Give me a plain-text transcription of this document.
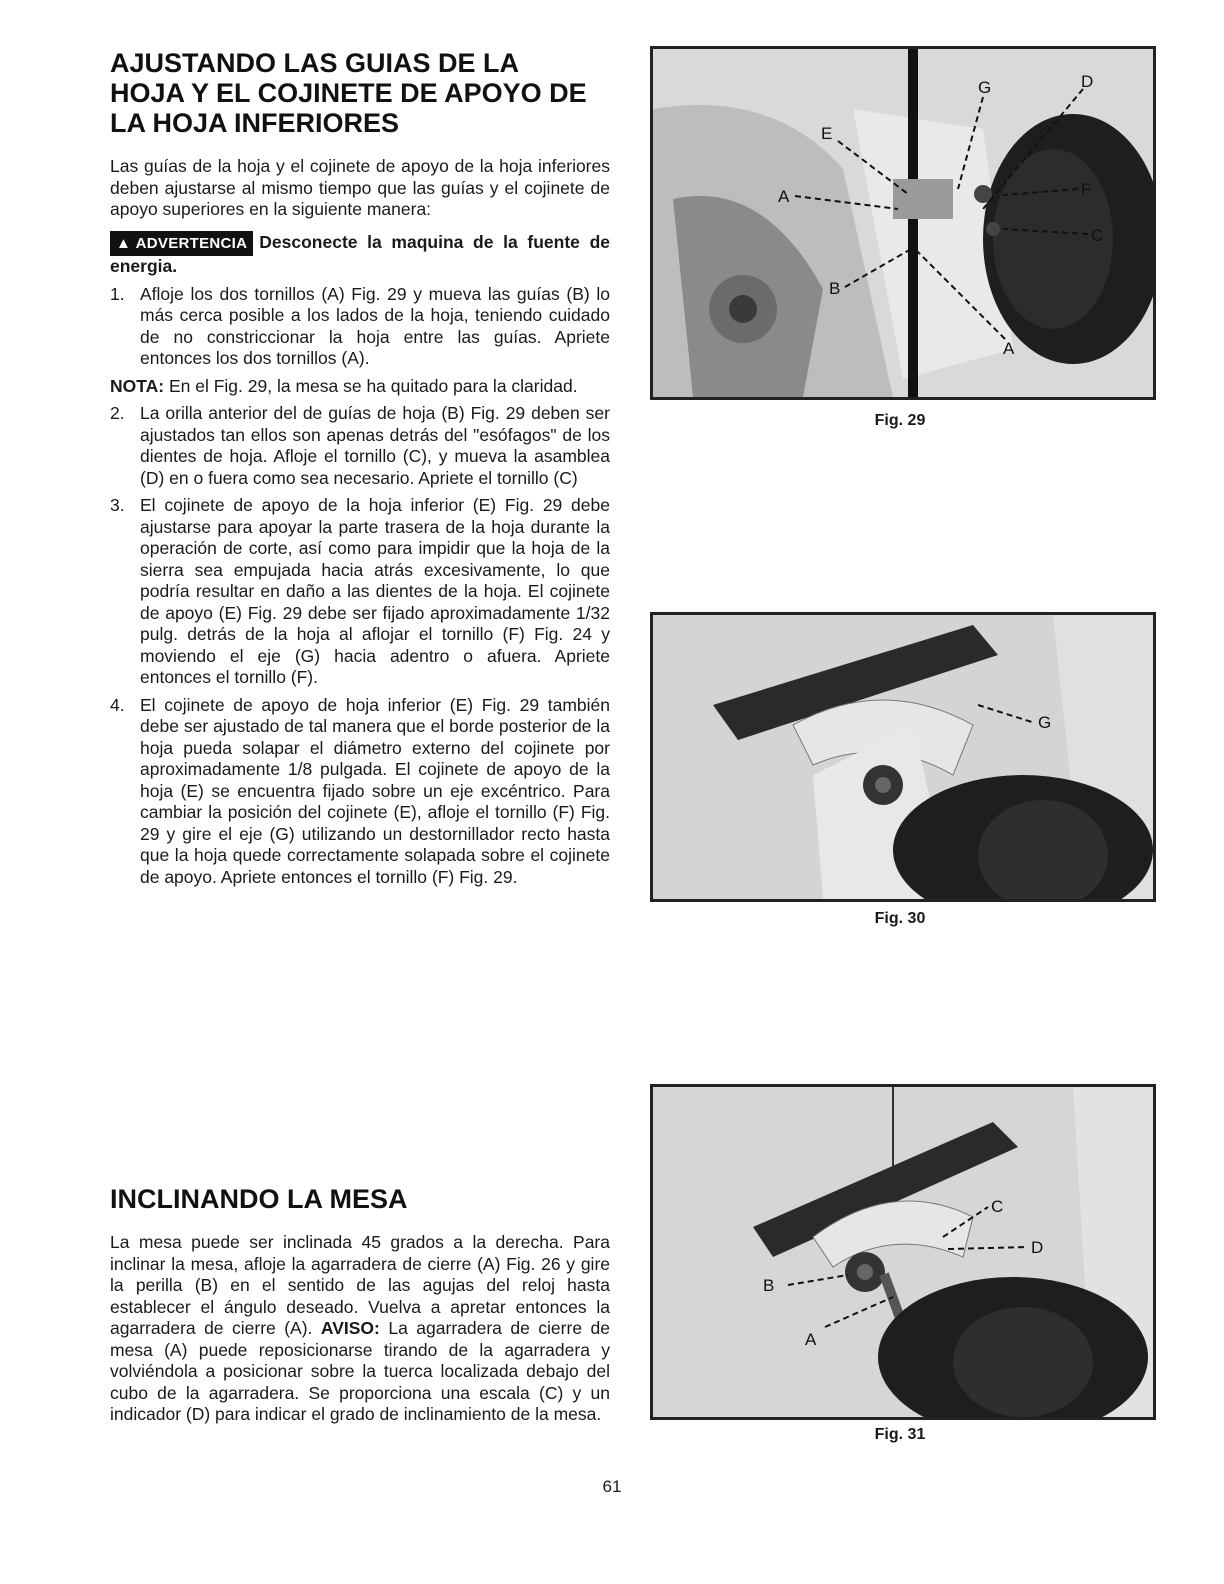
AJUSTANDO LAS GUIAS DE LA
HOJA Y EL COJINETE DE APOYO DE
LA HOJA INFERIORES

Las guías de la hoja y el cojinete de apoyo de la hoja inferiores deben ajustarse al mismo tiempo que las guías y el cojinete de apoyo superiores en la siguiente manera:

▲ ADVERTENCIA Desconecte la maquina de la fuente de energia.

1. Afloje los dos tornillos (A) Fig. 29 y mueva las guías (B) lo más cerca posible a los lados de la hoja, teniendo cuidado de no constriccionar la hoja entre las guías. Apriete entonces los dos tornillos (A).
NOTA: En el Fig. 29, la mesa se ha quitado para la claridad.
2. La orilla anterior del de guías de hoja (B) Fig. 29 deben ser ajustados tan ellos son apenas detrás del "esófagos" de los dientes de hoja. Afloje el tornillo (C), y mueva la asamblea (D) en o fuera como sea necesario. Apriete el tornillo (C)
3. El cojinete de apoyo de la hoja inferior (E) Fig. 29 debe ajustarse para apoyar la parte trasera de la hoja durante la operación de corte, así como para impidir que la hoja de la sierra sea empujada hacia atrás excesivamente, lo que podría resultar en daño a las dientes de la hoja. El cojinete de apoyo (E) Fig. 29 debe ser fijado aproximadamente 1/32 pulg. detrás de la hoja al aflojar el tornillo (F) Fig. 24 y moviendo el eje (G) hacia adentro o afuera. Apriete entonces el tornillo (F).
4. El cojinete de apoyo de hoja inferior (E) Fig. 29 también debe ser ajustado de tal manera que el borde posterior de la hoja pueda solapar el diámetro externo del cojinete por aproximadamente 1/8 pulgada. El cojinete de apoyo de la hoja (E) se encuentra fijado sobre un eje excéntrico. Para cambiar la posición del cojinete (E), afloje el tornillo (F) Fig. 29 y gire el eje (G) utilizando un destornillador recto hasta que la hoja quede correctamente solapada sobre el cojinete de apoyo. Apriete entonces el tornillo (F) Fig. 29.
INCLINANDO LA MESA

La mesa puede ser inclinada 45 grados a la derecha. Para inclinar la mesa, afloje la agarradera de cierre (A) Fig. 26 y gire la perilla (B) en el sentido de las agujas del reloj hasta establecer el ángulo deseado. Vuelva a apretar entonces la agarradera de cierre (A). AVISO: La agarradera de cierre de mesa (A) puede reposicionarse tirando de la agarradera y volviéndola a posicionar sobre la tuerca localizada debajo del cubo de la agarradera. Se proporciona una escala (C) y un indicador (D) para indicar el grado de inclinamiento de la mesa.

G	D
E
F
A
C
B
A
Fig. 29
G
Fig. 30
C
D
B
A
Fig. 31
61
